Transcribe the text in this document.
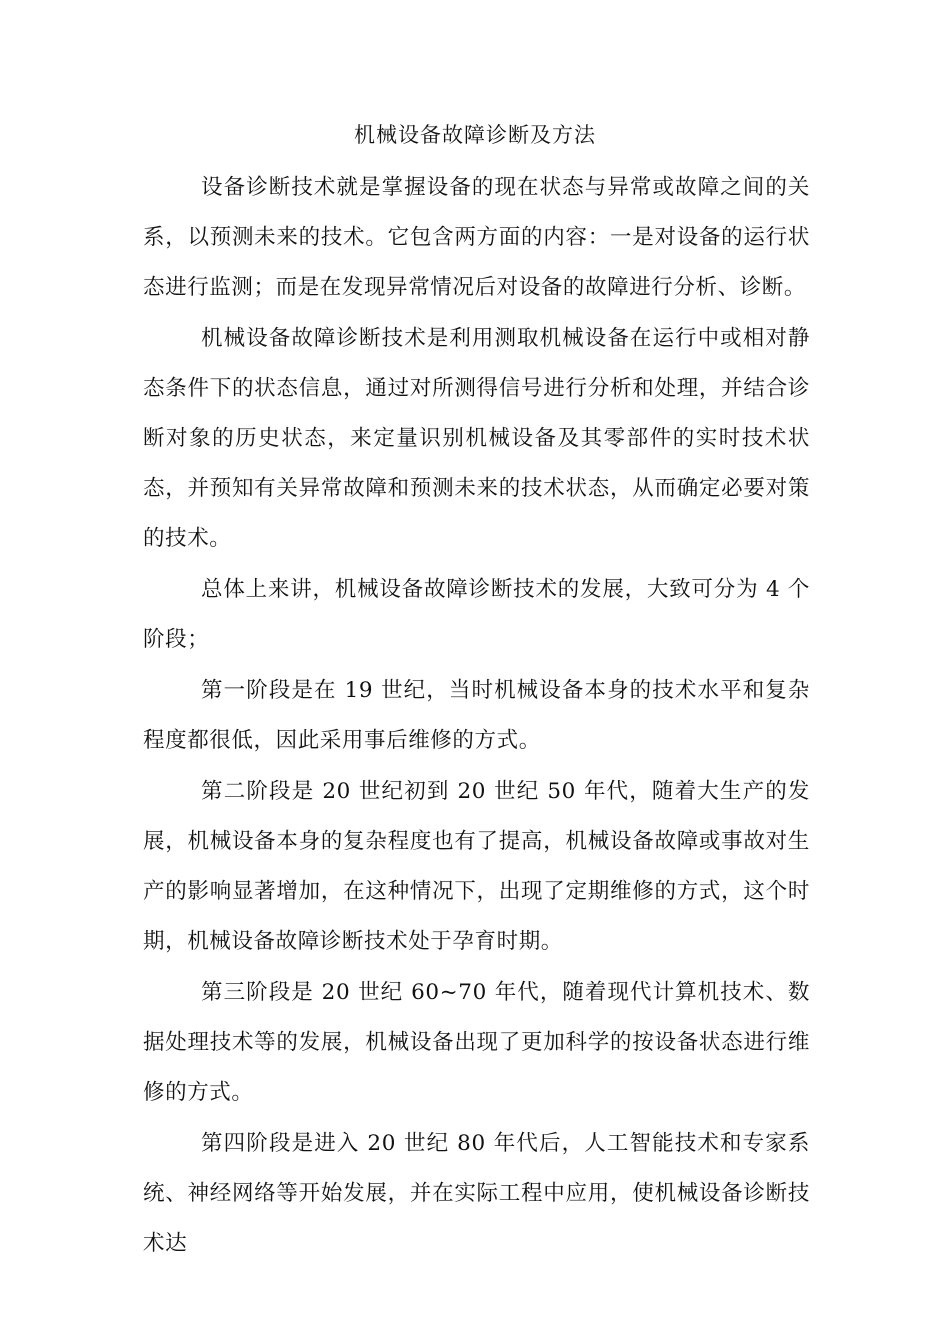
机械设备故障诊断及方法

设备诊断技术就是掌握设备的现在状态与异常或故障之间的关系，以预测未来的技术。它包含两方面的内容：一是对设备的运行状态进行监测；而是在发现异常情况后对设备的故障进行分析、诊断。

机械设备故障诊断技术是利用测取机械设备在运行中或相对静态条件下的状态信息，通过对所测得信号进行分析和处理，并结合诊断对象的历史状态，来定量识别机械设备及其零部件的实时技术状态，并预知有关异常故障和预测未来的技术状态，从而确定必要对策的技术。

总体上来讲，机械设备故障诊断技术的发展，大致可分为 4 个阶段；

第一阶段是在 19 世纪，当时机械设备本身的技术水平和复杂程度都很低，因此采用事后维修的方式。

第二阶段是 20 世纪初到 20 世纪 50 年代，随着大生产的发展，机械设备本身的复杂程度也有了提高，机械设备故障或事故对生产的影响显著增加，在这种情况下，出现了定期维修的方式，这个时期，机械设备故障诊断技术处于孕育时期。

第三阶段是 20 世纪 60~70 年代，随着现代计算机技术、数据处理技术等的发展，机械设备出现了更加科学的按设备状态进行维修的方式。

第四阶段是进入 20 世纪 80 年代后，人工智能技术和专家系统、神经网络等开始发展，并在实际工程中应用，使机械设备诊断技术达
